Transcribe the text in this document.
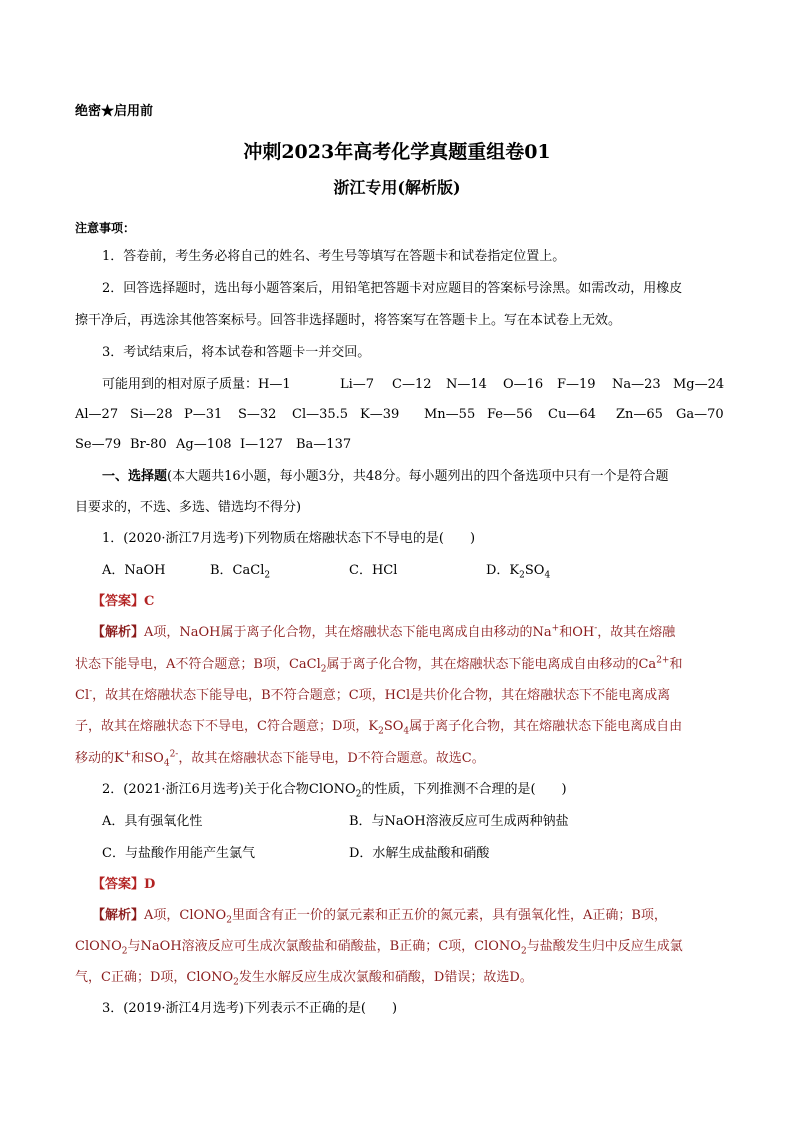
绝密★启用前
冲刺2023年高考化学真题重组卷01
浙江专用(解析版)
注意事项：
1．答卷前，考生务必将自己的姓名、考生号等填写在答题卡和试卷指定位置上。
2．回答选择题时，选出每小题答案后，用铅笔把答题卡对应题目的答案标号涂黑。如需改动，用橡皮
擦干净后，再选涂其他答案标号。回答非选择题时，将答案写在答题卡上。写在本试卷上无效。
3．考试结束后，将本试卷和答题卡一并交回。
可能用到的相对原子质量：H—1	Li—7 C—12 N—14 O—16 F—19 Na—23 Mg—24
Al—27 Si—28 P—31 S—32 Cl—35.5 K—39 Mn—55 Fe—56 Cu—64 Zn—65 Ga—70
Se—79 Br-80 Ag—108 I—127 Ba—137
一、选择题(本大题共16小题，每小题3分，共48分。每小题列出的四个备选项中只有一个是符合题
目要求的，不选、多选、错选均不得分)
1．(2020·浙江7月选考)下列物质在熔融状态下不导电的是(　　)
A．NaOH	B．CaCl$_2$	C．HCl	D．$K_2SO_4$
【答案】C
【解析】A项，NaOH属于离子化合物，其在熔融状态下能电离成自由移动的Na+和OH-，故其在熔融
状态下能导电，A不符合题意；B项，CaCl$_2$属于离子化合物，其在熔融状态下能电离成自由移动的$Ca^{2+}$和
Cl-，故其在熔融状态下能导电，B不符合题意；C项，HCl是共价化合物，其在熔融状态下不能电离成离
子，故其在熔融状态下不导电，C符合题意；D项，$K_2SO_4$属于离子化合物，其在熔融状态下能电离成自由
移动的K+和$SO_4^{2-}$，故其在熔融状态下能导电，D不符合题意。故选C。
2．(2021·浙江6月选考)关于化合物ClONO$_2$的性质，下列推测不合理的是(　　)
A．具有强氧化性	B．与NaOH溶液反应可生成两种钠盐
C．与盐酸作用能产生氯气	D．水解生成盐酸和硝酸
【答案】D
【解析】A项，ClONO$_2$里面含有正一价的氯元素和正五价的氮元素，具有强氧化性，A正确；B项，
ClONO$_2$与NaOH溶液反应可生成次氯酸盐和硝酸盐，B正确；C项，ClONO$_2$与盐酸发生归中反应生成氯
气，C正确；D项，ClONO$_2$发生水解反应生成次氯酸和硝酸，D错误；故选D。
3．(2019·浙江4月选考)下列表示不正确的是(　　)
